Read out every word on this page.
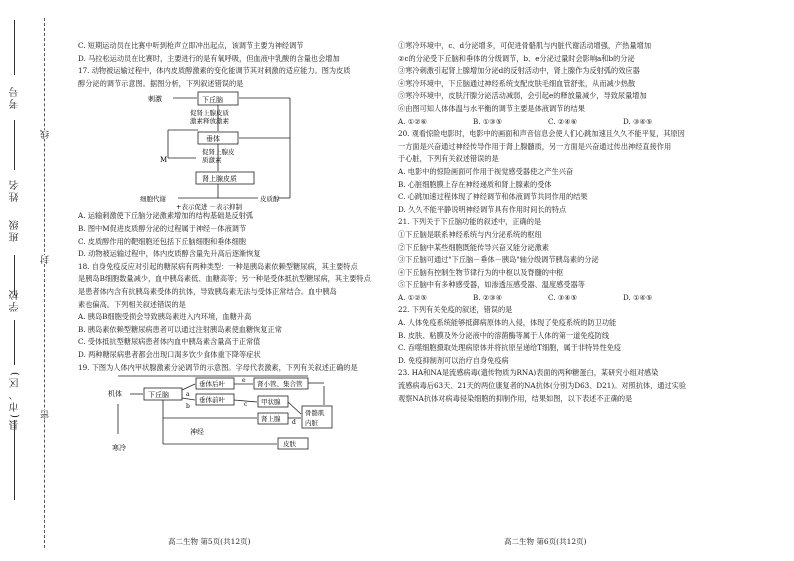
线
封
密
考号
姓名
班级
学校
县(市、区)

C. 短期运动员在比赛中听到枪声立即冲出起点，该调节主要为神经调节

D. 马拉松运动员在比赛时，主要进行的是有氧呼吸，但血液中乳酸的含量也会增加

17. 动物被运输过程中，体内皮质醇激素的变化能调节其对刺激的适应能力。图为皮质

醇分泌的调节示意图。据图分析，下列叙述错误的是

刺激	下丘脑
促肾上腺皮质
激素释放激素
垂体
促肾上腺皮
质激素
M
肾上腺皮质
细胞代谢	皮质醇
+表示促进 －表示抑制

A. 运输刺激使下丘脑分泌激素增加的结构基础是反射弧

B. 图中M促进皮质醇分泌的过程属于神经－体液调节

C. 皮质醇作用的靶细胞还包括下丘脑细胞和垂体细胞

D. 动物被运输过程中，体内皮质醇含量先升高后逐渐恢复

18. 自身免疫反应对引起的糖尿病有两种类型：一种是胰岛素依赖型糖尿病，其主要特点

是胰岛B细胞数量减少，血中胰岛素低、血糖高等；另一种是受体抵抗型糖尿病，其主要特点

是患者体内含有抗胰岛素受体的抗体，导致胰岛素无法与受体正常结合。血中胰岛

素也偏高。下列相关叙述错误的是

A. 胰岛B细胞受损会导致胰岛素进入内环境，血糖升高

B. 胰岛素依赖型糖尿病患者可以通过注射胰岛素使血糖恢复正常

C. 受体抵抗型糖尿病患者体内血中胰岛素含量高于正常值

D. 两种糖尿病患者都会出现口渴多饮少食体重下降等症状

19. 下图为人体内甲状腺激素分泌调节的示意图。字母代表激素，下列有关叙述正确的是

机体
寒冷
神经
下丘脑
垂体后叶
垂体前叶
肾小管、集合管
甲状腺
肾上腺
骨骼肌
内脏
皮肤
a
b	c
d
e

①寒冷环境中，c、d分泌增多，可促进骨骼肌与内脏代谢活动增强，产热量增加

②c的分泌受下丘脑和垂体的分级调节，b、e分泌过量时会影响a和b的分泌

③寒冷刺激引起肾上腺增加分泌d的反射活动中，肾上腺作为反射弧的效应器

④寒冷环境中，下丘脑通过神经系统支配皮肤毛细血管舒张，从而减少热散

⑤寒冷环境中，皮肤汗腺分泌活动减弱，会引起e的释放量减少，导致尿量增加

⑥由图可知人体体温与水平衡的调节主要是体液调节的结果

A. ①②⑥	B. ①③⑤	C. ②④⑥	D. ③④⑤

20. 观看惊险电影时，电影中的画面和声音信息会使人们心跳加速且久久不能平复，其原因

一方面是兴奋通过神经传导作用于肾上腺髓质，另一方面是兴奋通过传出神经直接作用

于心脏，下列有关叙述错误的是

A. 电影中的惊险画面可作用于视觉感受器使之产生兴奋

B. 心脏细胞膜上存在神经递质和肾上腺素的受体

C. 心跳加速过程体现了神经调节和体液调节共同作用的结果

D. 久久不能平静说明神经调节具有作用时间长的特点

21. 下列关于下丘脑功能的叙述中，正确的是

①下丘脑是联系神经系统与内分泌系统的枢纽

②下丘脑中某些细胞既能传导兴奋又能分泌激素

③下丘脑可通过"下丘脑－垂体－胰岛"轴分级调节胰岛素的分泌

④下丘脑有控制生物节律行为的中枢以及脊髓的中枢

⑤下丘脑中有多种感受器，如渗透压感受器、温度感受器等

A. ①②⑤	B. ②③④	C. ③④⑤	D. ①④⑤

22. 下列有关免疫的叙述，错误的是

A. 人体免疫系统能够抵御病原体的入侵，体现了免疫系统的防卫功能

B. 皮肤、粘膜及外分泌液中的溶菌酶等属于人体的第一道免疫防线

C. 吞噬细胞摄取处理病原体并将抗原呈递给T细胞，属于非特异性免疫

D. 免疫抑制剂可以治疗自身免疫病

23. HA和NA是流感病毒(遗传物质为RNA)表面的两种糖蛋白，某研究小组对感染

流感病毒后63天、21天的两位康复者的NA抗体(分别为D63、D21)。对照抗体，通过实验

观察NA抗体对病毒侵染细胞的抑制作用，结果如图，以下表述不正确的是

高二生物 第5页(共12页)	高二生物 第6页(共12页)
